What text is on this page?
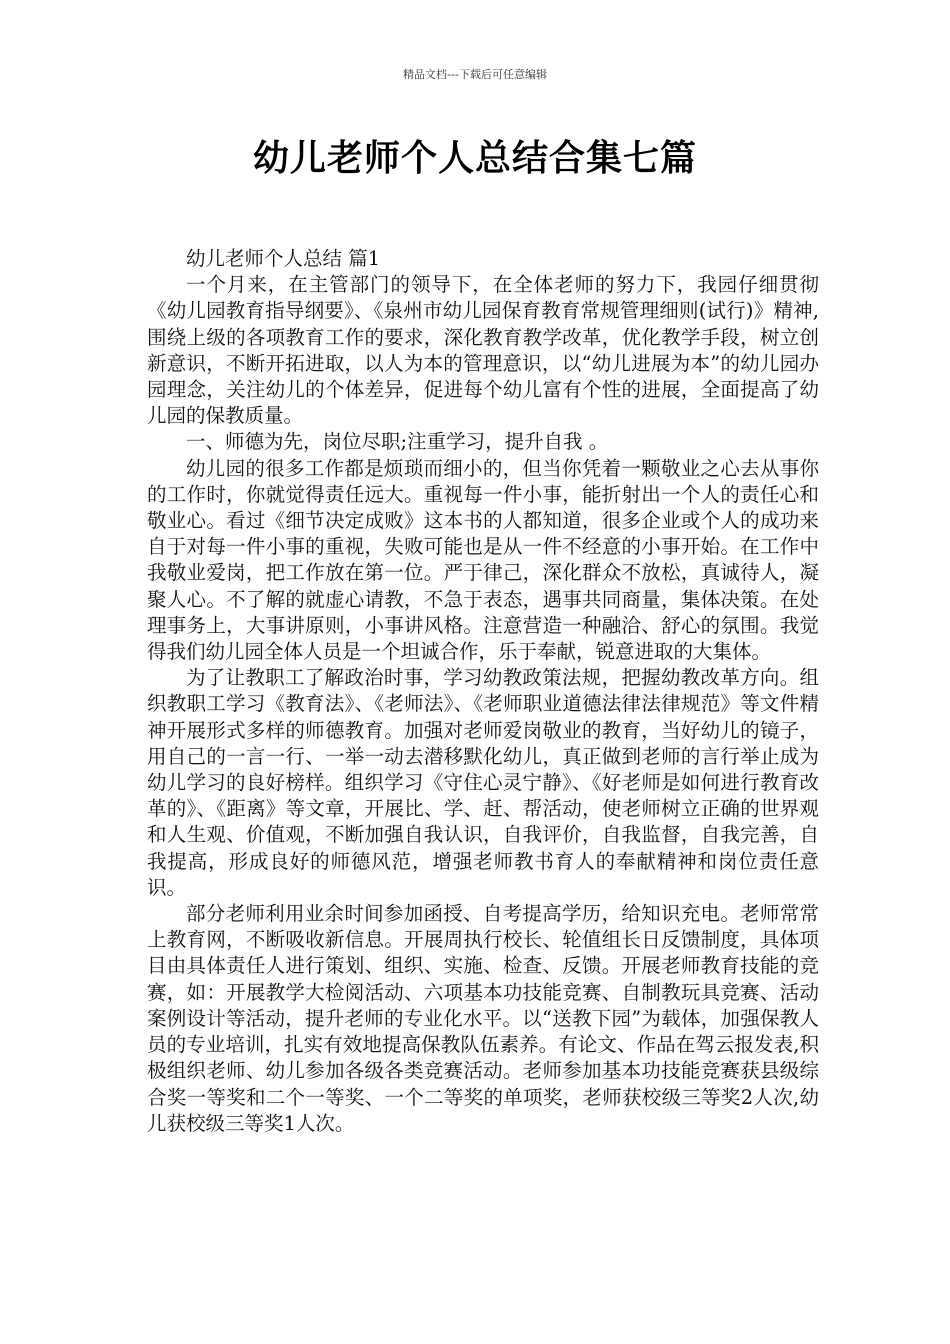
精品文档---下载后可任意编辑
幼儿老师个人总结合集七篇

幼儿老师个人总结 篇1

一个月来，在主管部门的领导下，在全体老师的努力下，我园仔细贯彻《幼儿园教育指导纲要》、《泉州市幼儿园保育教育常规管理细则(试行)》精神,围绕上级的各项教育工作的要求，深化教育教学改革，优化教学手段，树立创新意识，不断开拓进取，以人为本的管理意识，以“幼儿进展为本”的幼儿园办园理念，关注幼儿的个体差异，促进每个幼儿富有个性的进展，全面提高了幼儿园的保教质量。

一、师德为先，岗位尽职;注重学习，提升自我 。

幼儿园的很多工作都是烦琐而细小的，但当你凭着一颗敬业之心去从事你的工作时，你就觉得责任远大。重视每一件小事，能折射出一个人的责任心和敬业心。看过《细节决定成败》这本书的人都知道，很多企业或个人的成功来自于对每一件小事的重视，失败可能也是从一件不经意的小事开始。在工作中我敬业爱岗，把工作放在第一位。严于律己，深化群众不放松，真诚待人，凝聚人心。不了解的就虚心请教，不急于表态，遇事共同商量，集体决策。在处理事务上，大事讲原则，小事讲风格。注意营造一种融洽、舒心的氛围。我觉得我们幼儿园全体人员是一个坦诚合作，乐于奉献，锐意进取的大集体。

为了让教职工了解政治时事，学习幼教政策法规，把握幼教改革方向。组织教职工学习《教育法》、《老师法》、《老师职业道德法律法律规范》等文件精神开展形式多样的师德教育。加强对老师爱岗敬业的教育，当好幼儿的镜子，用自己的一言一行、一举一动去潜移默化幼儿，真正做到老师的言行举止成为幼儿学习的良好榜样。组织学习《守住心灵宁静》、《好老师是如何进行教育改革的》、《距离》等文章，开展比、学、赶、帮活动，使老师树立正确的世界观和人生观、价值观，不断加强自我认识，自我评价，自我监督，自我完善，自我提高，形成良好的师德风范，增强老师教书育人的奉献精神和岗位责任意识。

部分老师利用业余时间参加函授、自考提高学历，给知识充电。老师常常上教育网，不断吸收新信息。开展周执行校长、轮值组长日反馈制度，具体项目由具体责任人进行策划、组织、实施、检查、反馈。开展老师教育技能的竞赛，如：开展教学大检阅活动、六项基本功技能竞赛、自制教玩具竞赛、活动案例设计等活动，提升老师的专业化水平。以“送教下园”为载体，加强保教人员的专业培训，扎实有效地提高保教队伍素养。有论文、作品在驾云报发表,积极组织老师、幼儿参加各级各类竞赛活动。老师参加基本功技能竞赛获县级综合奖一等奖和二个一等奖、一个二等奖的单项奖，老师获校级三等奖2人次,幼儿获校级三等奖1人次。
